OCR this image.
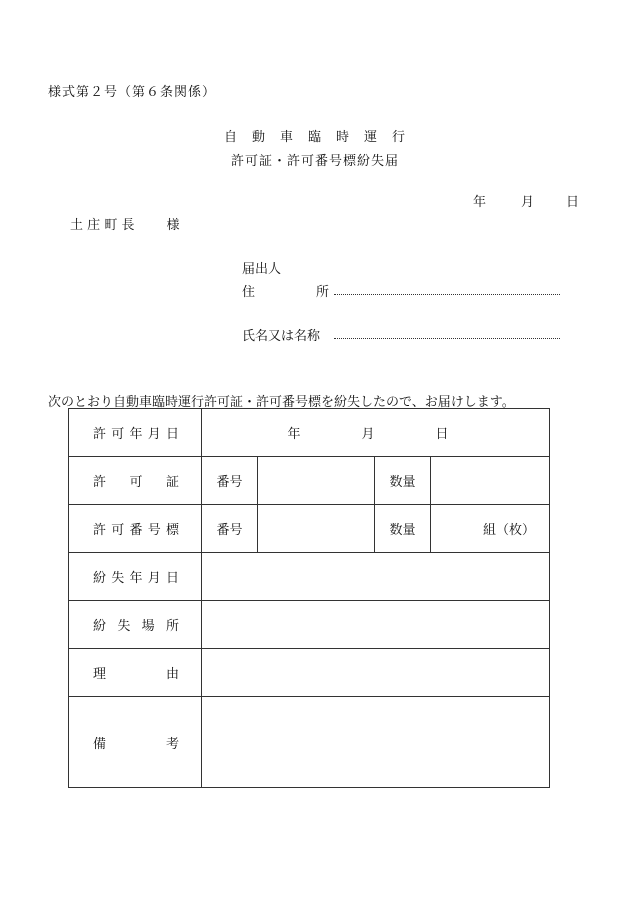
様式第２号（第６条関係）
自  動  車  臨  時  運  行
許可証・許可番号標紛失届
年	月 日
土 庄 町 長 様
届出人
住	所
氏名又は名称
次のとおり自動車臨時運行許可証・許可番号標を紛失したので、お届けします。
許 可 年 月 日	年 月 日			

許 可 証	番号		数量	

許 可 番 号 標	番号		数量	組（枚）

紛 失 年 月 日				

紛 失 場 所				

理 由				

備 考				
